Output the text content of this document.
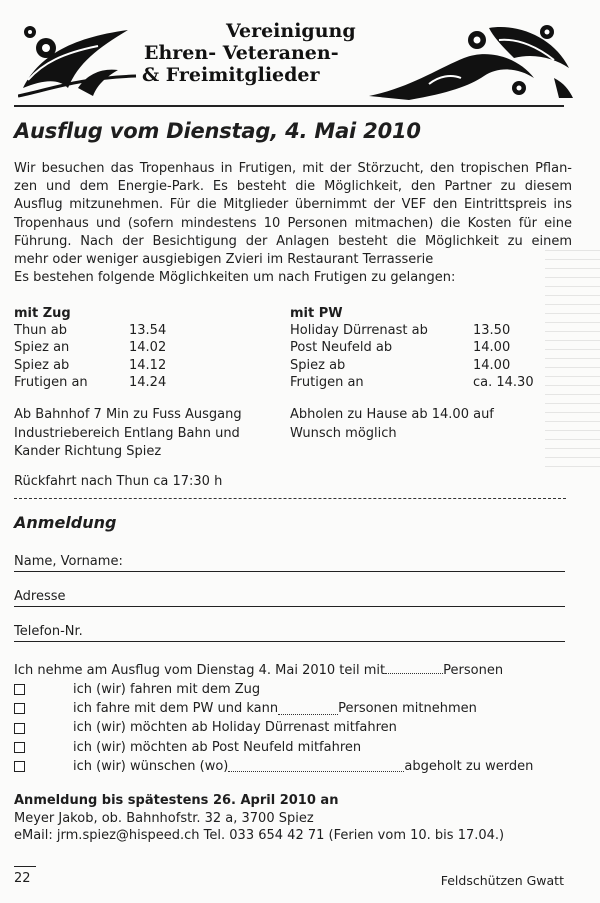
Vereinigung
Ehren- Veteranen-
& Freimitglieder
Ausflug vom Dienstag, 4. Mai 2010
Wir besuchen das Tropenhaus in Frutigen, mit der Störzucht, den tropischen Pflan-
zen und dem Energie-Park. Es besteht die Möglichkeit, den Partner zu diesem
Ausflug mitzunehmen. Für die Mitglieder übernimmt der VEF den Eintrittspreis ins
Tropenhaus und (sofern mindestens 10 Personen mitmachen) die Kosten für eine
Führung. Nach der Besichtigung der Anlagen besteht die Möglichkeit zu einem
mehr oder weniger ausgiebigen Zvieri im Restaurant Terrasserie
Es bestehen folgende Möglichkeiten um nach Frutigen zu gelangen:
mit Zug
Thun ab	13.54
Spiez an	14.02
Spiez ab	14.12
Frutigen an	14.24
mit PW
Holiday Dürrenast ab	13.50
Post Neufeld ab	14.00
Spiez ab	14.00
Frutigen an	ca. 14.30
Ab Bahnhof 7 Min zu Fuss Ausgang
Industriebereich Entlang Bahn und
Kander Richtung Spiez
Abholen zu Hause ab 14.00 auf
Wunsch möglich
Rückfahrt nach Thun ca 17:30 h
Anmeldung
Name, Vorname:
Adresse
Telefon-Nr.
Ich nehme am Ausflug vom Dienstag 4. Mai 2010 teil mit	Personen
ich (wir) fahren mit dem Zug
ich fahre mit dem PW und kann	Personen mitnehmen
ich (wir) möchten ab Holiday Dürrenast mitfahren
ich (wir) möchten ab Post Neufeld mitfahren
ich (wir) wünschen (wo)	abgeholt zu werden
Anmeldung bis spätestens 26. April 2010 an
Meyer Jakob, ob. Bahnhofstr. 32 a, 3700 Spiez
eMail: jrm.spiez@hispeed.ch Tel. 033 654 42 71 (Ferien vom 10. bis 17.04.)
22	Feldschützen Gwatt
